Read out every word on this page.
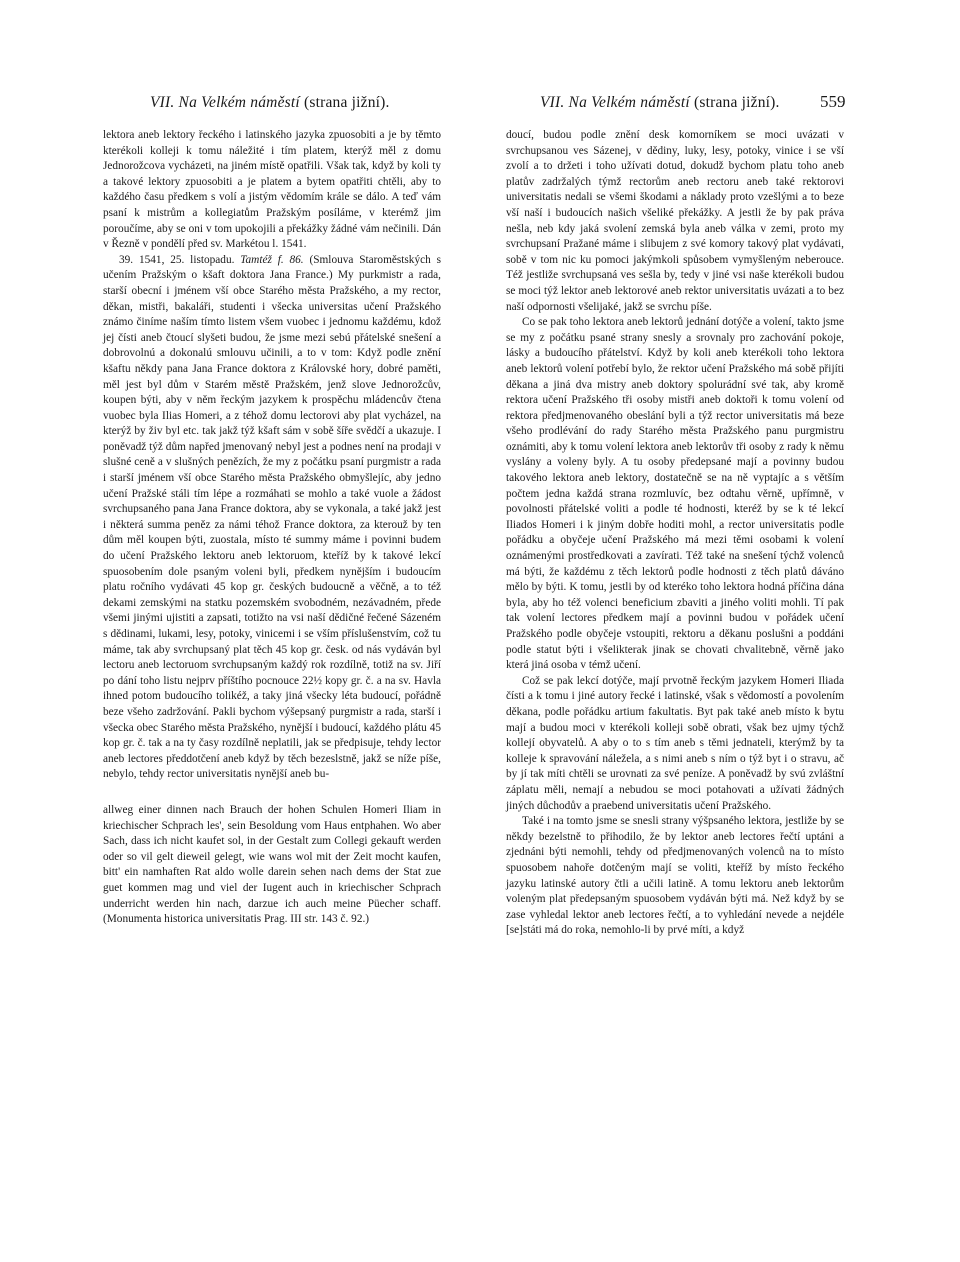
VII. Na Velkém náměstí (strana jižní).	VII. Na Velkém náměstí (strana jižní). 559

lektora aneb lektory řeckého i latinského jazyka zpuosobiti a je by těmto kterékoli kolleji k tomu náležité i tím platem, kterýž měl z domu Jednorožcova vycházeti, na jiném místě opatřili. Však tak, když by koli ty a takové lektory zpuosobiti a je platem a bytem opatřiti chtěli, aby to každého času předkem s volí a jistým vědomím krále se dálo. A teď vám psaní k mistrům a kollegiatům Pražským posíláme, v kterémž jim poroučíme, aby se oni v tom upokojili a překážky žádné vám nečinili. Dán v Řezně v pondělí před sv. Markétou l. 1541.

39. 1541, 25. listopadu. Tamtéž f. 86. (Smlouva Staroměstských s učením Pražským o kšaft doktora Jana France.) My purkmistr a rada, starší obecní i jménem vší obce Starého města Pražského, a my rector, děkan, mistři, bakaláři, studenti i všecka universitas učení Pražského známo činíme naším tímto listem všem vuobec i jednomu každému, kdož jej čísti aneb čtoucí slyšeti budou, že jsme mezi sebú přátelské snešení a dobrovolnú a dokonalú smlouvu učinili, a to v tom: Když podle znění kšaftu někdy pana Jana France doktora z Královské hory, dobré paměti, měl jest byl dům v Starém městě Pražském, jenž slove Jednorožcův, koupen býti, aby v něm řeckým jazykem k prospěchu mládencův čtena vuobec byla Ilias Homeri, a z téhož domu lectorovi aby plat vycházel, na kterýž by živ byl etc. tak jakž týž kšaft sám v sobě šíře svědčí a ukazuje. I poněvadž týž dům napřed jmenovaný nebyl jest a podnes není na prodaji v slušné ceně a v slušných penězích, že my z počátku psaní purgmistr a rada i starší jménem vší obce Starého města Pražského obmyšlejíc, aby jedno učení Pražské stáli tím lépe a rozmáhati se mohlo a také vuole a žádost svrchupsaného pana Jana France doktora, aby se vykonala, a také jakž jest i některá summa peněz za námi téhož France doktora, za kterouž by ten dům měl koupen býti, zuostala, místo té summy máme i povinni budem do učení Pražského lektoru aneb lektoruom, kteříž by k takové lekcí spuosobením dole psaným voleni byli, předkem nynějším i budoucím platu ročního vydávati 45 kop gr. českých budoucně a věčně, a to též dekami zemskými na statku pozemském svobodném, nezávadném, přede všemi jinými ujistiti a zapsati, totižto na vsi naší dědičné řečené Sázeném s dědinami, lukami, lesy, potoky, vinicemi i se vším příslušenstvím, což tu máme, tak aby svrchupsaný plat těch 45 kop gr. česk. od nás vydáván byl lectoru aneb lectoruom svrchupsaným každý rok rozdílně, totiž na sv. Jiří po dání toho listu nejprv příštího pocnouce 22½ kopy gr. č. a na sv. Havla ihned potom budoucího tolikéž, a taky jiná všecky léta budoucí, pořádně beze všeho zadržování. Pakli bychom výšepsaný purgmistr a rada, starší i všecka obec Starého města Pražského, nynější i budoucí, každého plátu 45 kop gr. č. tak a na ty časy rozdílně neplatili, jak se předpisuje, tehdy lector aneb lectores předdotčení aneb když by těch bezeslstně, jakž se níže píše, nebylo, tehdy rector universitatis nynější aneb bu-

allweg einer dinnen nach Brauch der hohen Schulen Homeri Iliam in kriechischer Schprach les', sein Besoldung vom Haus entphahen. Wo aber Sach, dass ich nicht kaufet sol, in der Gestalt zum Collegi gekauft werden oder so vil gelt dieweil gelegt, wie wans wol mit der Zeit mocht kaufen, bitt' ein namhaften Rat aldo wolle darein sehen nach dems der Stat zue guet kommen mag und viel der Iugent auch in kriechischer Schprach underricht werden hin nach, darzue ich auch meine Püecher schaff. (Monumenta historica universitatis Prag. III str. 143 č. 92.)

doucí, budou podle znění desk komorníkem se moci uvázati v svrchupsanou ves Sázenej, v dědiny, luky, lesy, potoky, vinice i se vší zvolí a to držeti i toho užívati dotud, dokudž bychom platu toho aneb platův zadržalých týmž rectorům aneb rectoru aneb také rektorovi universitatis nedali se všemi škodami a náklady proto vzešlými a to beze vší naší i budoucích našich všeliké překážky. A jestli že by pak práva nešla, neb kdy jaká svolení zemská byla aneb válka v zemi, proto my svrchupsaní Pražané máme i slibujem z své komory takový plat vydávati, sobě v tom nic ku pomoci jakýmkoli spůsobem vymyšleným neberouce. Též jestliže svrchupsaná ves sešla by, tedy v jiné vsi naše kterékoli budou se moci týž lektor aneb lektorové aneb rektor universitatis uvázati a to bez naší odpornosti všelijaké, jakž se svrchu píše.

Co se pak toho lektora aneb lektorů jednání dotýče a volení, takto jsme se my z počátku psané strany snesly a srovnaly pro zachování pokoje, lásky a budoucího přátelství. Když by koli aneb kterékoli toho lektora aneb lektorů volení potřebí bylo, že rektor učení Pražského má sobě přijíti děkana a jiná dva mistry aneb doktory spolurádní své tak, aby kromě rektora učení Pražského tři osoby mistři aneb doktoři k tomu volení od rektora předjmenovaného obeslání byli a týž rector universitatis má beze všeho prodlévání do rady Starého města Pražského panu purgmistru oznámiti, aby k tomu volení lektora aneb lektorův tři osoby z rady k němu vyslány a voleny byly. A tu osoby předepsané mají a povinny budou takového lektora aneb lektory, dostatečně se na ně vyptajíc a s větším počtem jedna každá strana rozmluvíc, bez odtahu věrně, upřímně, v povolnosti přátelské voliti a podle té hodnosti, kteréž by se k té lekcí Iliados Homeri i k jiným dobře hoditi mohl, a rector universitatis podle pořádku a obyčeje učení Pražského má mezi těmi osobami k volení oznámenými prostředkovati a zavírati. Též také na snešení týchž volenců má býti, že každému z těch lektorů podle hodnosti z těch platů dáváno mělo by býti. K tomu, jestli by od kteréko toho lektora hodná příčina dána byla, aby ho též volenci beneficium zbaviti a jiného voliti mohli. Tí pak tak volení lectores předkem mají a povinni budou v pořádek učení Pražského podle obyčeje vstoupiti, rektoru a děkanu poslušni a poddáni podle statut býti i všelikterak jinak se chovati chvalitebně, věrně jako která jiná osoba v témž učení.

Což se pak lekcí dotýče, mají prvotně řeckým jazykem Homeri Iliada čísti a k tomu i jiné autory řecké i latinské, však s vědomostí a povolením děkana, podle pořádku artium fakultatis. Byt pak také aneb místo k bytu mají a budou moci v kterékoli kolleji sobě obrati, však bez ujmy týchž kollejí obyvatelů. A aby o to s tím aneb s těmi jednateli, kterýmž by ta kolleje k spravování náležela, a s nimi aneb s ním o týž byt i o stravu, ač by jí tak míti chtěli se urovnati za své peníze. A poněvadž by svú zvláštní záplatu měli, nemají a nebudou se moci potahovati a užívati žádných jiných důchodův a praebend universitatis učení Pražského.

Také i na tomto jsme se snesli strany výšpsaného lektora, jestliže by se někdy bezelstně to přihodilo, že by lektor aneb lectores řečtí uptáni a zjednáni býti nemohli, tehdy od předjmenovaných volenců na to místo spuosobem nahoře dotčeným mají se voliti, kteříž by místo řeckého jazyku latinské autory čtli a učili latině. A tomu lektoru aneb lektorům voleným plat předepsaným spuosobem vydáván býti má. Než když by se zase vyhledal lektor aneb lectores řečtí, a to vyhledání nevede a nejdéle [se]státi má do roka, nemohlo-li by prvé míti, a když
